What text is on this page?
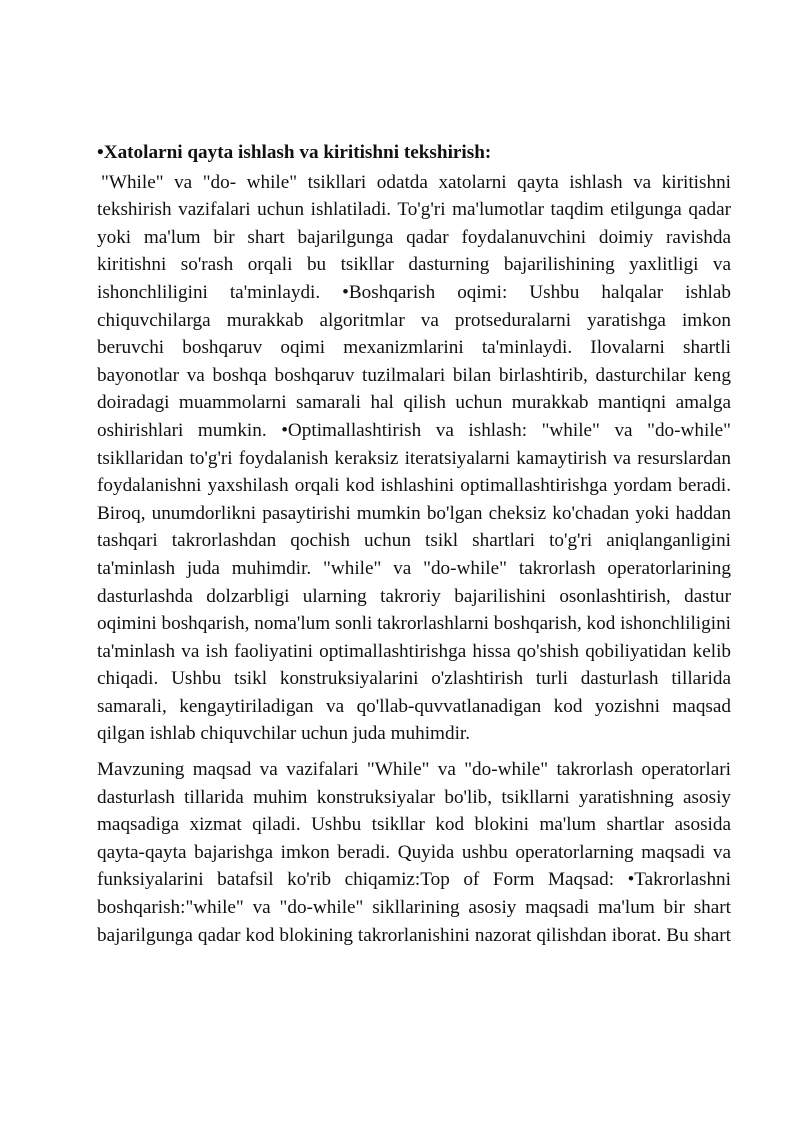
•Xatolarni qayta ishlash va kiritishni tekshirish:

"While" va "do- while" tsikllari odatda xatolarni qayta ishlash va kiritishni tekshirish vazifalari uchun ishlatiladi. To'g'ri ma'lumotlar taqdim etilgunga qadar yoki ma'lum bir shart bajarilgunga qadar foydalanuvchini doimiy ravishda kiritishni so'rash orqali bu tsikllar dasturning bajarilishining yaxlitligi va ishonchliligini ta'minlaydi. •Boshqarish oqimi: Ushbu halqalar ishlab chiquvchilarga murakkab algoritmlar va protseduralarni yaratishga imkon beruvchi boshqaruv oqimi mexanizmlarini ta'minlaydi. Ilovalarni shartli bayonotlar va boshqa boshqaruv tuzilmalari bilan birlashtirib, dasturchilar keng doiradagi muammolarni samarali hal qilish uchun murakkab mantiqni amalga oshirishlari mumkin. •Optimallashtirish va ishlash: "while" va "do-while" tsikllaridan to'g'ri foydalanish keraksiz iteratsiyalarni kamaytirish va resurslardan foydalanishni yaxshilash orqali kod ishlashini optimallashtirishga yordam beradi. Biroq, unumdorlikni pasaytirishi mumkin bo'lgan cheksiz ko'chadan yoki haddan tashqari takrorlashdan qochish uchun tsikl shartlari to'g'ri aniqlanganligini ta'minlash juda muhimdir. "while" va "do-while" takrorlash operatorlarining dasturlashda dolzarbligi ularning takroriy bajarilishini osonlashtirish, dastur oqimini boshqarish, noma'lum sonli takrorlashlarni boshqarish, kod ishonchliligini ta'minlash va ish faoliyatini optimallashtirishga hissa qo'shish qobiliyatidan kelib chiqadi. Ushbu tsikl konstruksiyalarini o'zlashtirish turli dasturlash tillarida samarali, kengaytiriladigan va qo'llab-quvvatlanadigan kod yozishni maqsad qilgan ishlab chiquvchilar uchun juda muhimdir.

Mavzuning maqsad va vazifalari "While" va "do-while" takrorlash operatorlari dasturlash tillarida muhim konstruksiyalar bo'lib, tsikllarni yaratishning asosiy maqsadiga xizmat qiladi. Ushbu tsikllar kod blokini ma'lum shartlar asosida qayta-qayta bajarishga imkon beradi. Quyida ushbu operatorlarning maqsadi va funksiyalarini batafsil ko'rib chiqamiz:Top of Form Maqsad: •Takrorlashni boshqarish:"while" va "do-while" sikllarining asosiy maqsadi ma'lum bir shart bajarilgunga qadar kod blokining takrorlanishini nazorat qilishdan iborat. Bu shart
